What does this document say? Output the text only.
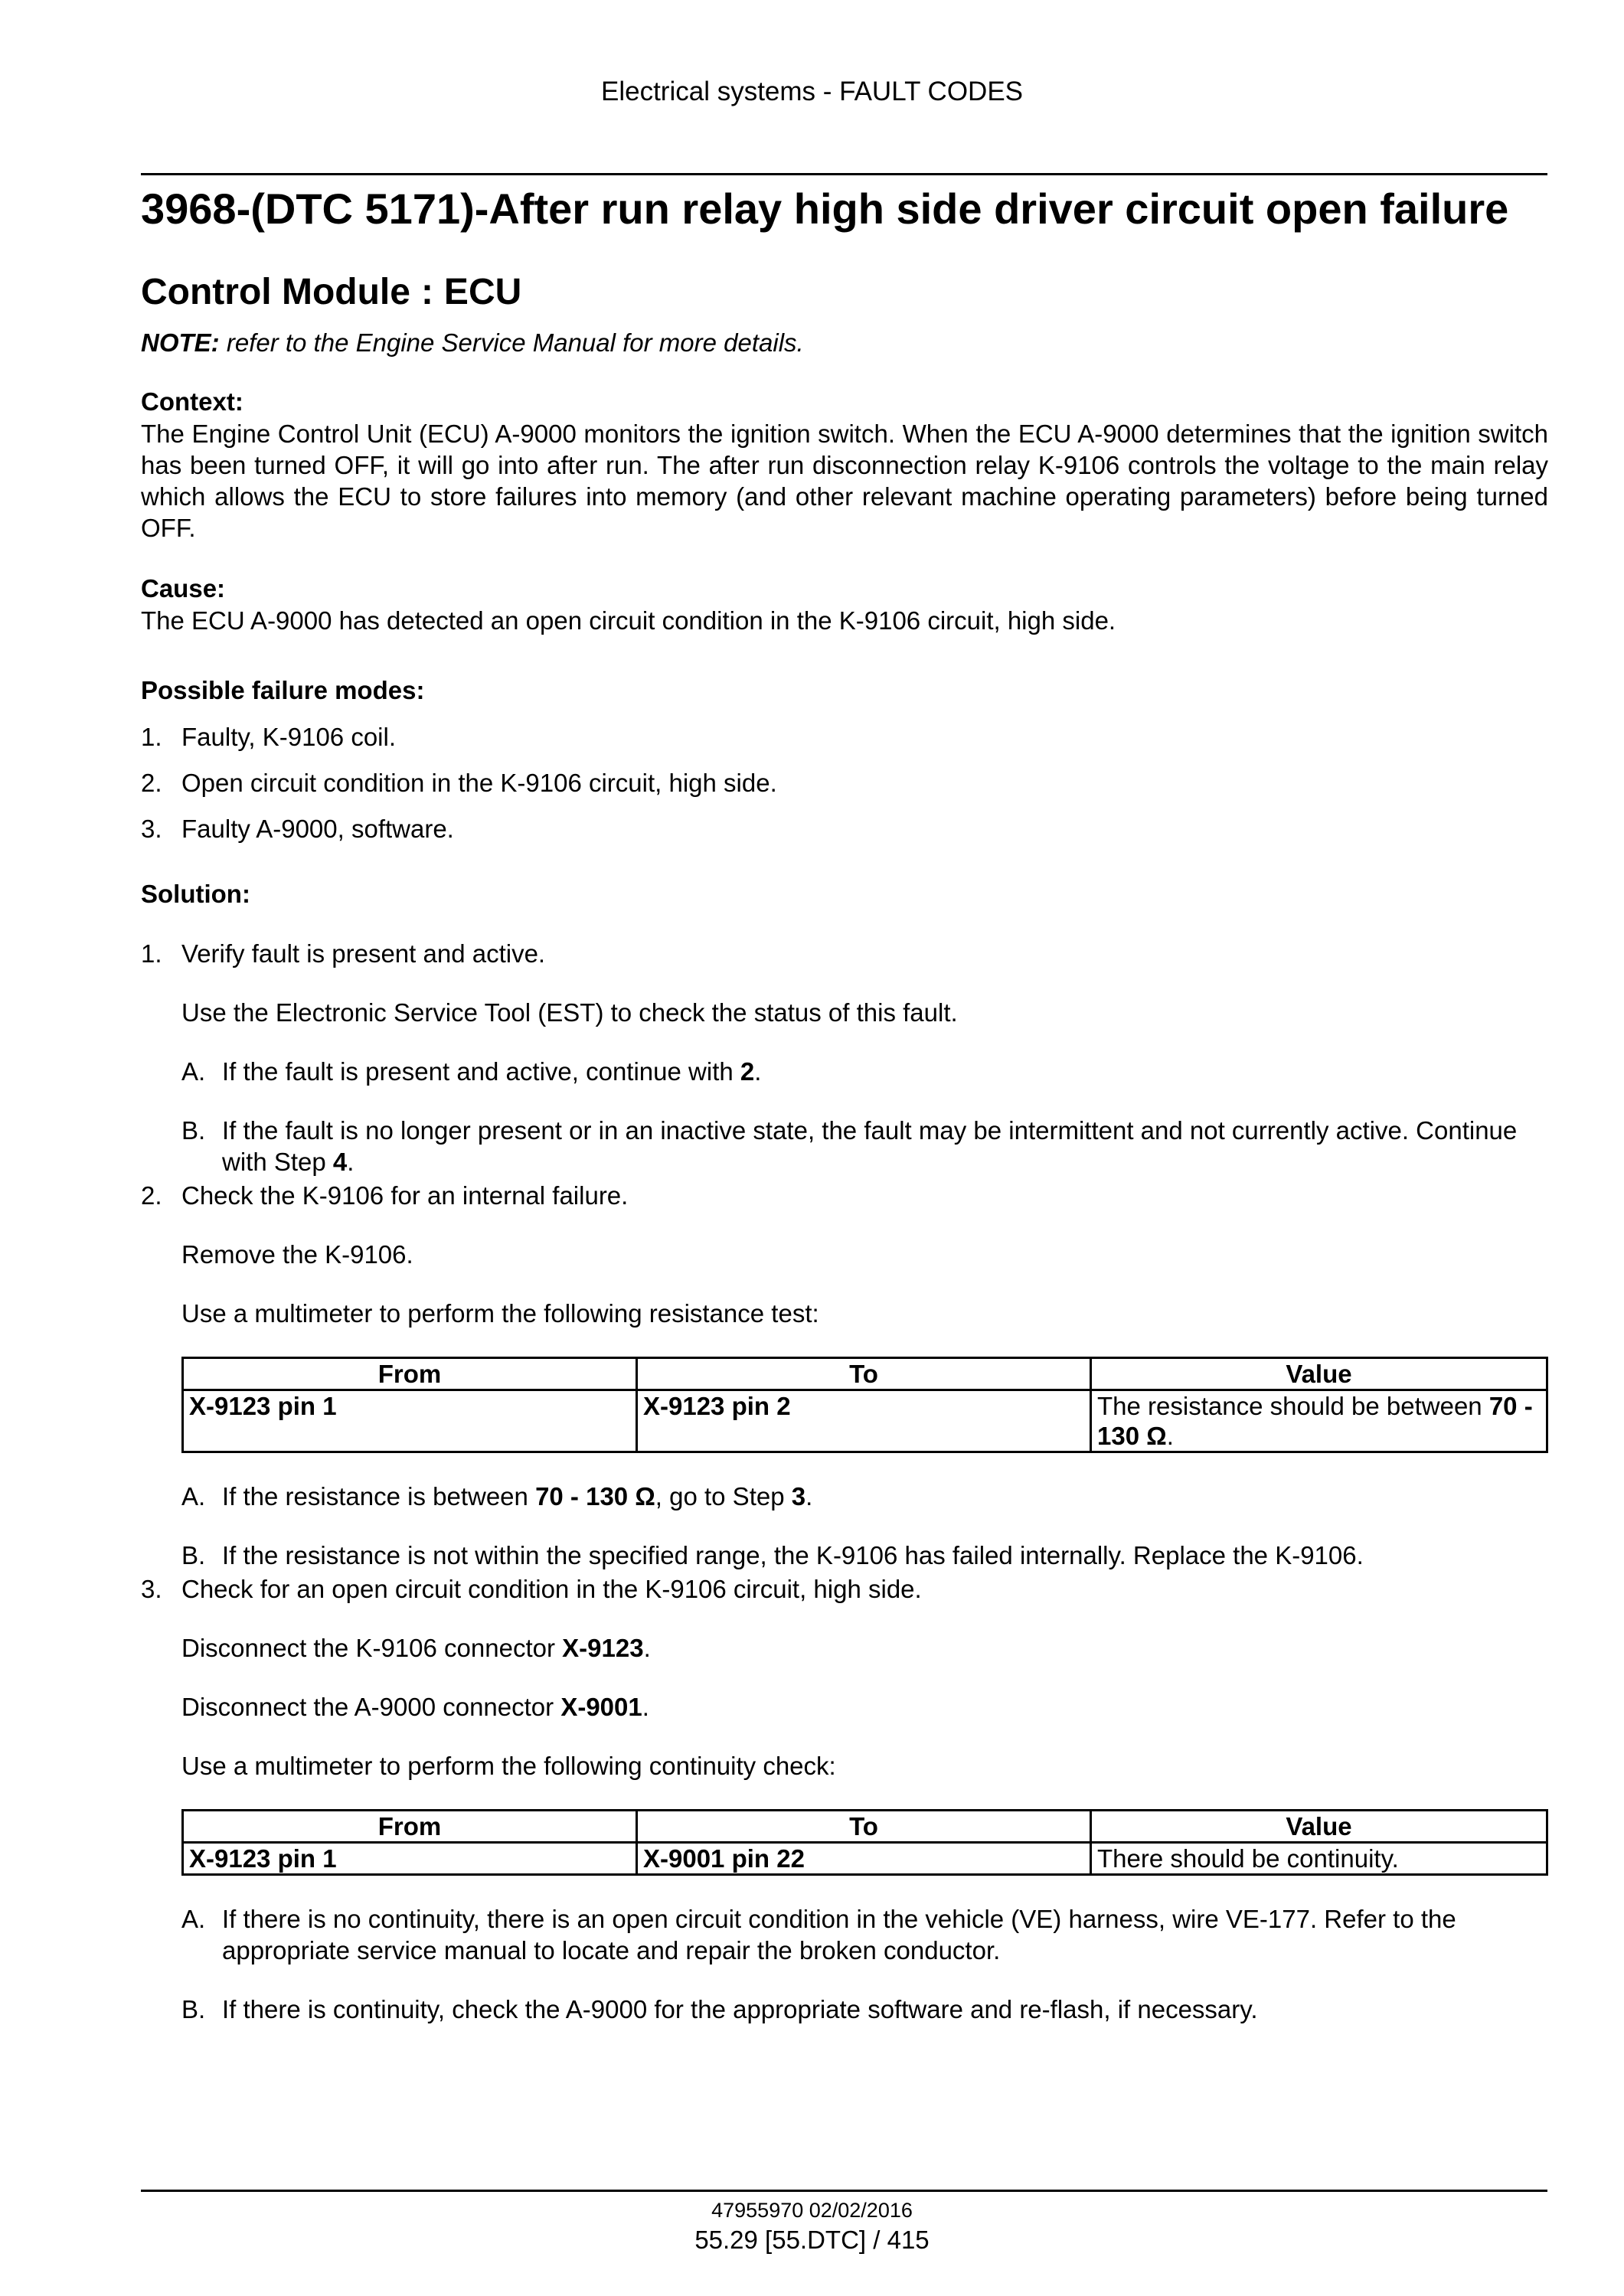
Electrical systems - FAULT CODES
3968-(DTC 5171)-After run relay high side driver circuit open failure
Control Module : ECU
NOTE: refer to the Engine Service Manual for more details.
Context:
The Engine Control Unit (ECU) A-9000 monitors the ignition switch. When the ECU A-9000 determines that the ignition switch has been turned OFF, it will go into after run. The after run disconnection relay K-9106 controls the voltage to the main relay which allows the ECU to store failures into memory (and other relevant machine operating parameters) before being turned OFF.
Cause:
The ECU A-9000 has detected an open circuit condition in the K-9106 circuit, high side.
Possible failure modes:
1. Faulty, K-9106 coil.
2. Open circuit condition in the K-9106 circuit, high side.
3. Faulty A-9000, software.
Solution:
1. Verify fault is present and active.
Use the Electronic Service Tool (EST) to check the status of this fault.
A. If the fault is present and active, continue with 2.
B. If the fault is no longer present or in an inactive state, the fault may be intermittent and not currently active. Continue with Step 4.
2. Check the K-9106 for an internal failure.
Remove the K-9106.
Use a multimeter to perform the following resistance test:
From	To	Value
X-9123 pin 1	X-9123 pin 2	The resistance should be between 70 - 130 Ω.
A. If the resistance is between 70 - 130 Ω, go to Step 3.
B. If the resistance is not within the specified range, the K-9106 has failed internally. Replace the K-9106.
3. Check for an open circuit condition in the K-9106 circuit, high side.
Disconnect the K-9106 connector X-9123.
Disconnect the A-9000 connector X-9001.
Use a multimeter to perform the following continuity check:
From	To	Value
X-9123 pin 1	X-9001 pin 22	There should be continuity.
A. If there is no continuity, there is an open circuit condition in the vehicle (VE) harness, wire VE-177. Refer to the appropriate service manual to locate and repair the broken conductor.
B. If there is continuity, check the A-9000 for the appropriate software and re-flash, if necessary.
47955970 02/02/2016
55.29 [55.DTC] / 415
